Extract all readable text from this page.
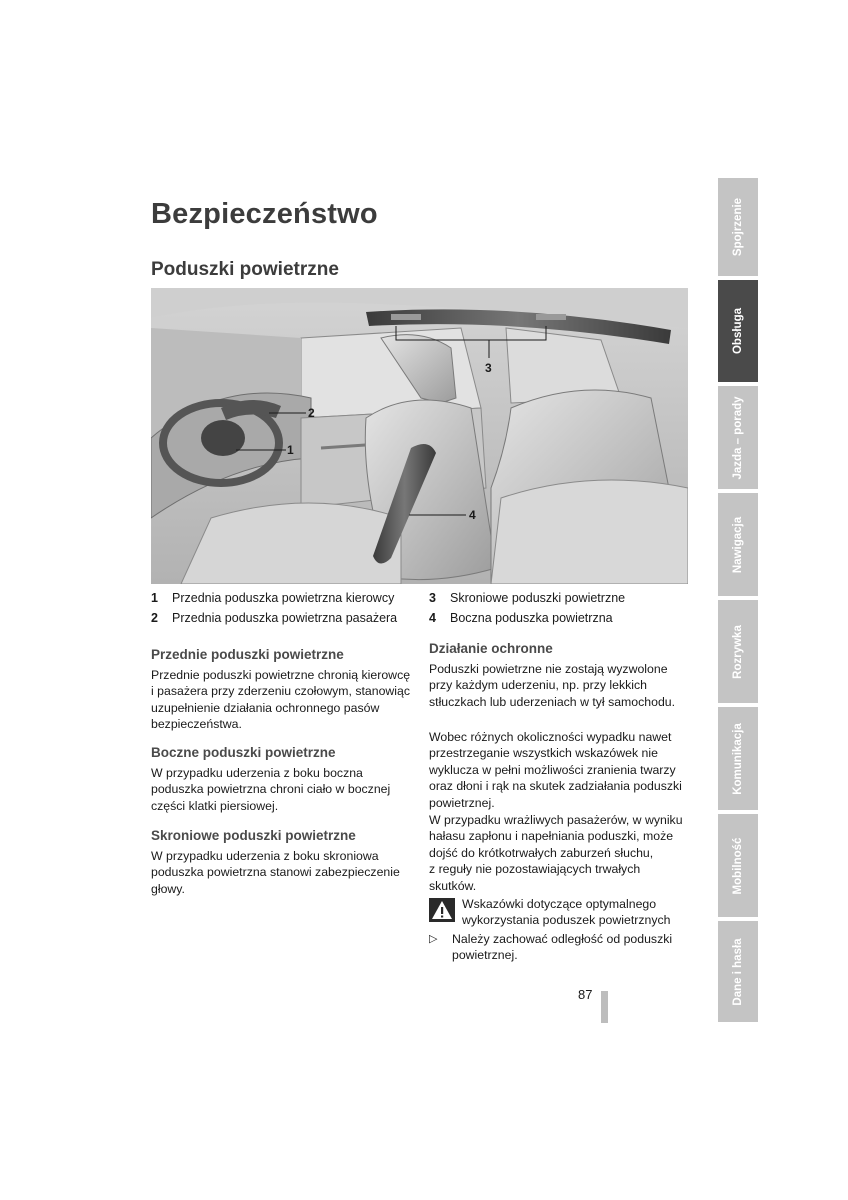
Bezpieczeństwo
Poduszki powietrzne
1
2
3
4
1 Przednia poduszka powietrzna kierowcy
2 Przednia poduszka powietrzna pasażera
3 Skroniowe poduszki powietrzne
4 Boczna poduszka powietrzna
Przednie poduszki powietrzne
Przednie poduszki powietrzne chronią kierowcę
i pasażera przy zderzeniu czołowym, stanowiąc
uzupełnienie działania ochronnego pasów
bezpieczeństwa.
Boczne poduszki powietrzne
W przypadku uderzenia z boku boczna
poduszka powietrzna chroni ciało w bocznej
części klatki piersiowej.
Skroniowe poduszki powietrzne
W przypadku uderzenia z boku skroniowa
poduszka powietrzna stanowi zabezpieczenie
głowy.
Działanie ochronne
Poduszki powietrzne nie zostają wyzwolone
przy każdym uderzeniu, np. przy lekkich
stłuczkach lub uderzeniach w tył samochodu.
Wobec różnych okoliczności wypadku nawet
przestrzeganie wszystkich wskazówek nie
wyklucza w pełni możliwości zranienia twarzy
oraz dłoni i rąk na skutek zadziałania poduszki
powietrznej.
W przypadku wrażliwych pasażerów, w wyniku
hałasu zapłonu i napełniania poduszki, może
dojść do krótkotrwałych zaburzeń słuchu,
z reguły nie pozostawiających trwałych
skutków.
Wskazówki dotyczące optymalnego
wykorzystania poduszek powietrznych
▷ Należy zachować odległość od poduszki
powietrznej.
87
Spojrzenie
Obsługa
Jazda – porady
Nawigacja
Rozrywka
Komunikacja
Mobilność
Dane i hasła
